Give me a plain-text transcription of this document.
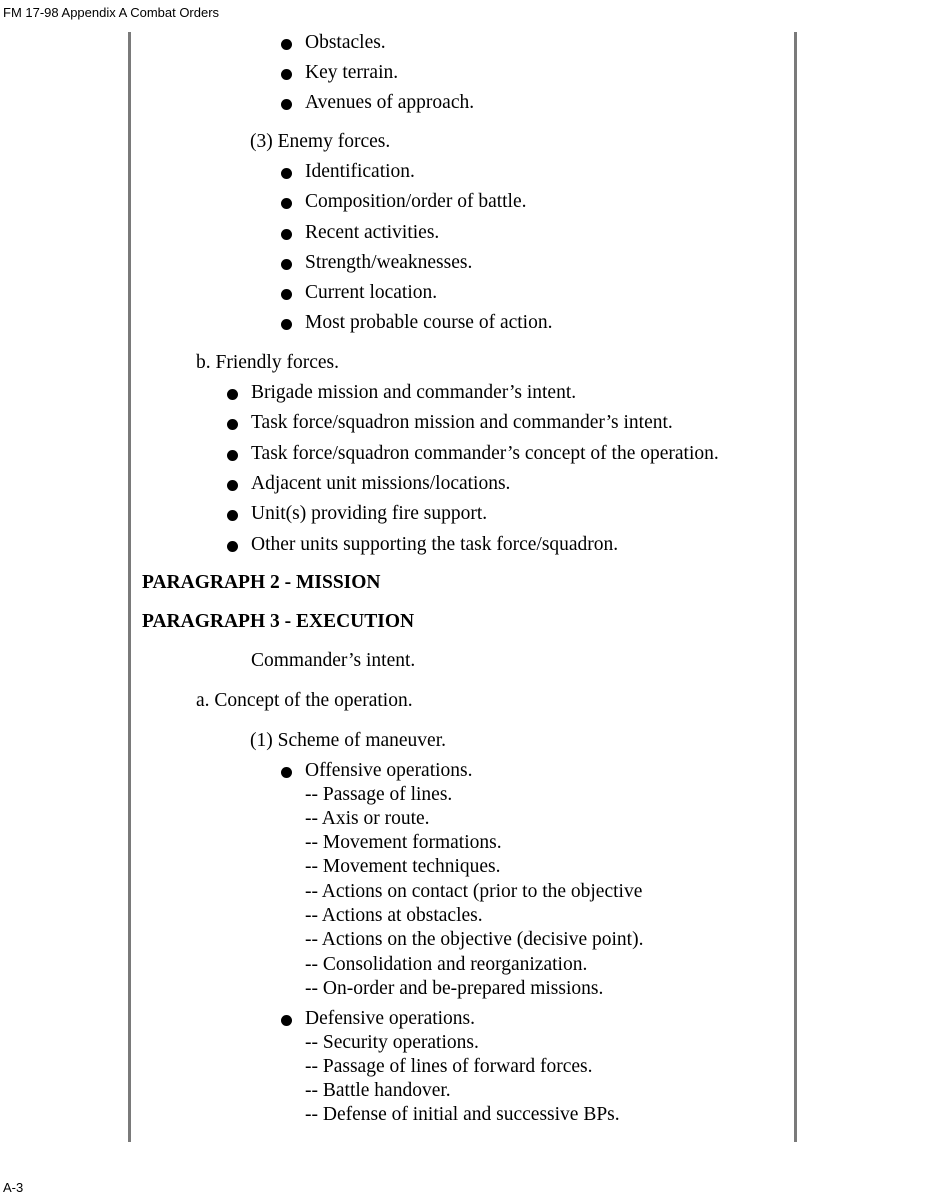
FM 17-98 Appendix A Combat Orders
A-3
Obstacles.
Key terrain.
Avenues of approach.
(3) Enemy forces.
Identification.
Composition/order of battle.
Recent activities.
Strength/weaknesses.
Current location.
Most probable course of action.
b. Friendly forces.
Brigade mission and commander’s intent.
Task force/squadron mission and commander’s intent.
Task force/squadron commander’s concept of the operation.
Adjacent unit missions/locations.
Unit(s) providing fire support.
Other units supporting the task force/squadron.
PARAGRAPH 2 - MISSION
PARAGRAPH 3 - EXECUTION
Commander’s intent.
a. Concept of the operation.
(1) Scheme of maneuver.
Offensive operations.
-- Passage of lines.
-- Axis or route.
-- Movement formations.
-- Movement techniques.
-- Actions on contact (prior to the objective
-- Actions at obstacles.
-- Actions on the objective (decisive point).
-- Consolidation and reorganization.
-- On-order and be-prepared missions.
Defensive operations.
-- Security operations.
-- Passage of lines of forward forces.
-- Battle handover.
-- Defense of initial and successive BPs.
